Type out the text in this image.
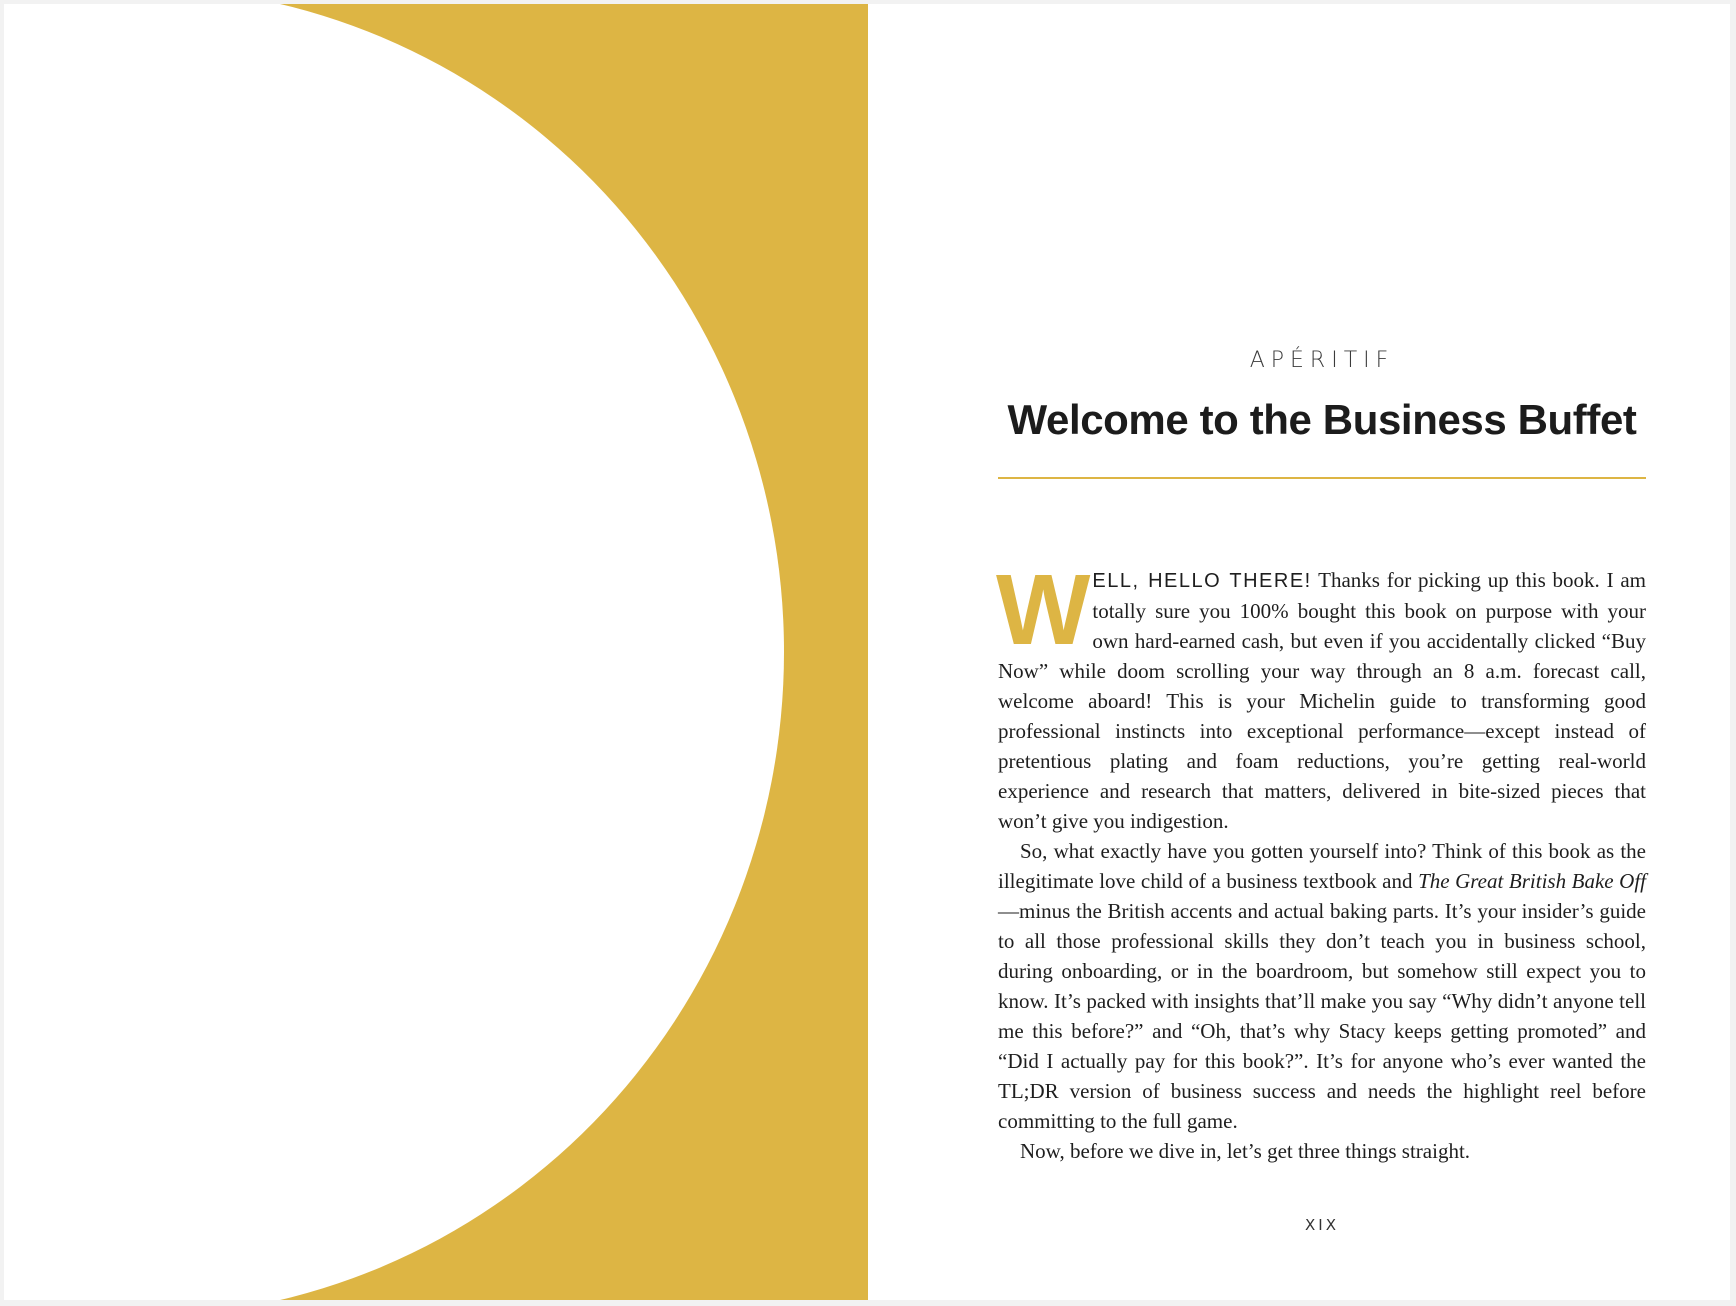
APÉRITIF
Welcome to the Business Buffet

WELL, HELLO THERE! Thanks for picking up this book. I am totally sure you 100% bought this book on purpose with your own hard-earned cash, but even if you accidentally clicked “Buy Now” while doom scrolling your way through an 8 a.m. forecast call, welcome aboard! This is your Michelin guide to transforming good professional instincts into exceptional performance—except instead of pretentious plating and foam reductions, you’re getting real-world experience and research that matters, delivered in bite-sized pieces that won’t give you indigestion.

So, what exactly have you gotten yourself into? Think of this book as the illegitimate love child of a business textbook and The Great British Bake Off—minus the British accents and actual baking parts. It’s your insider’s guide to all those professional skills they don’t teach you in business school, during onboarding, or in the boardroom, but somehow still expect you to know. It’s packed with insights that’ll make you say “Why didn’t anyone tell me this before?” and “Oh, that’s why Stacy keeps getting promoted” and “Did I actually pay for this book?”. It’s for anyone who’s ever wanted the TL;DR version of business success and needs the highlight reel before committing to the full game.

Now, before we dive in, let’s get three things straight.

XIX
